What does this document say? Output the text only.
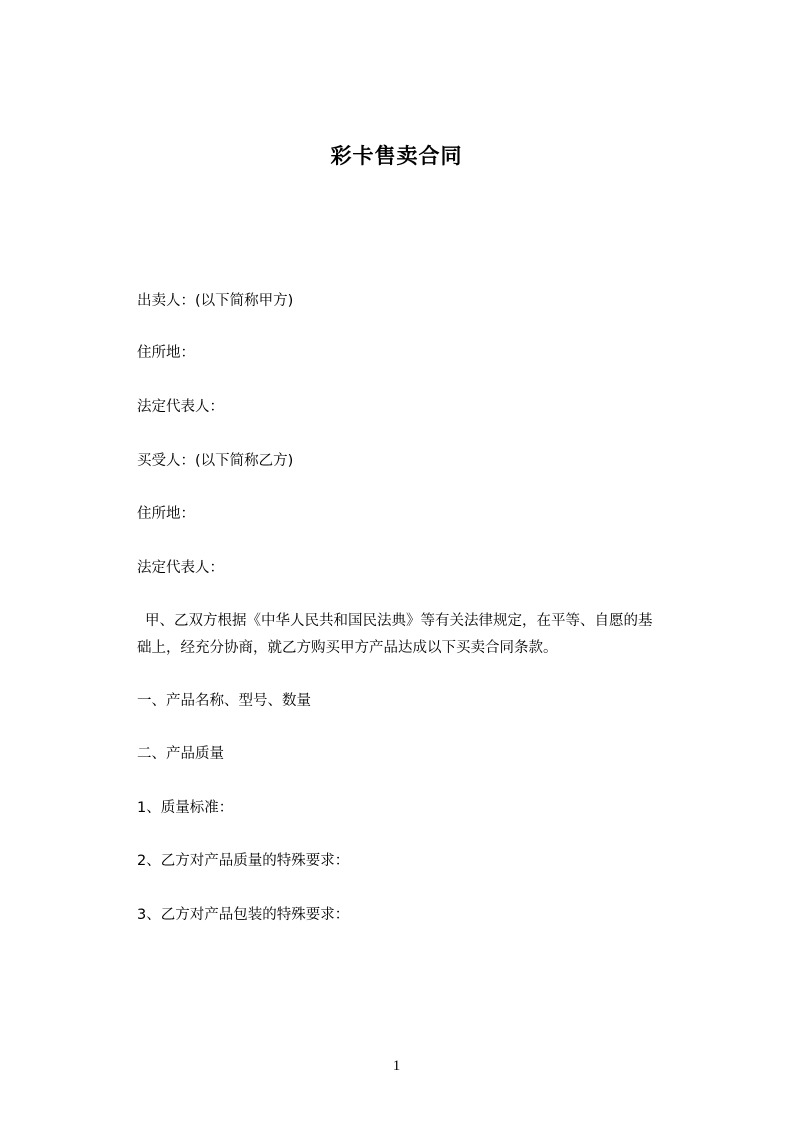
彩卡售卖合同
出卖人：(以下简称甲方)
住所地：
法定代表人：
买受人：(以下简称乙方)
住所地：
法定代表人：
甲、乙双方根据《中华人民共和国民法典》等有关法律规定，在平等、自愿的基
础上，经充分协商，就乙方购买甲方产品达成以下买卖合同条款。
一、产品名称、型号、数量
二、产品质量
1、质量标准：
2、乙方对产品质量的特殊要求：
3、乙方对产品包装的特殊要求：
1
